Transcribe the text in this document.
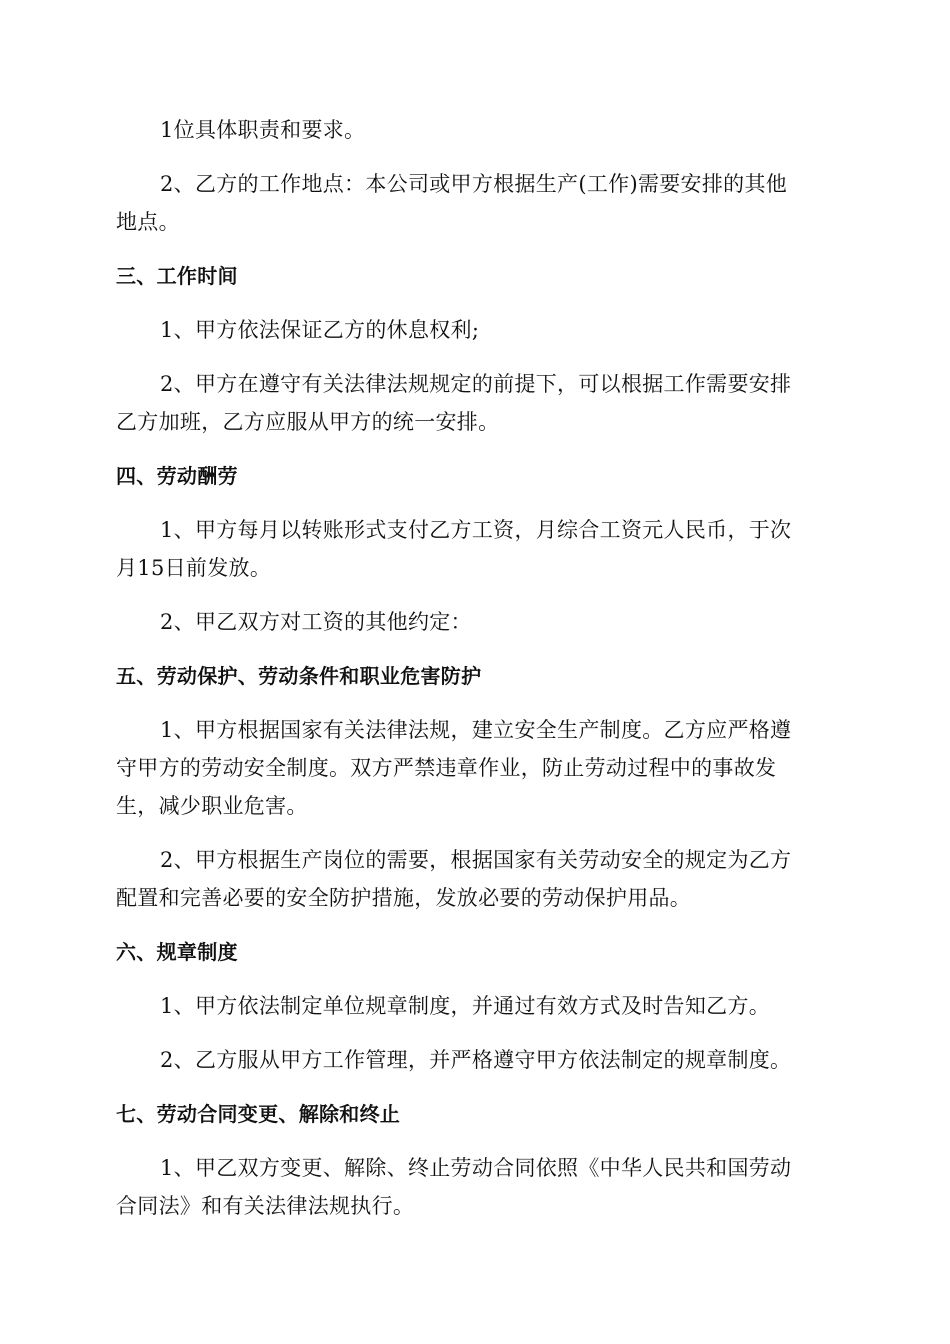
1位具体职责和要求。
2、乙方的工作地点：本公司或甲方根据生产(工作)需要安排的其他
地点。
三、工作时间
1、甲方依法保证乙方的休息权利;
2、甲方在遵守有关法律法规规定的前提下，可以根据工作需要安排
乙方加班，乙方应服从甲方的统一安排。
四、劳动酬劳
1、甲方每月以转账形式支付乙方工资，月综合工资元人民币，于次
月15日前发放。
2、甲乙双方对工资的其他约定：
五、劳动保护、劳动条件和职业危害防护
1、甲方根据国家有关法律法规，建立安全生产制度。乙方应严格遵
守甲方的劳动安全制度。双方严禁违章作业，防止劳动过程中的事故发
生，减少职业危害。
2、甲方根据生产岗位的需要，根据国家有关劳动安全的规定为乙方
配置和完善必要的安全防护措施，发放必要的劳动保护用品。
六、规章制度
1、甲方依法制定单位规章制度，并通过有效方式及时告知乙方。
2、乙方服从甲方工作管理，并严格遵守甲方依法制定的规章制度。
七、劳动合同变更、解除和终止
1、甲乙双方变更、解除、终止劳动合同依照《中华人民共和国劳动
合同法》和有关法律法规执行。
